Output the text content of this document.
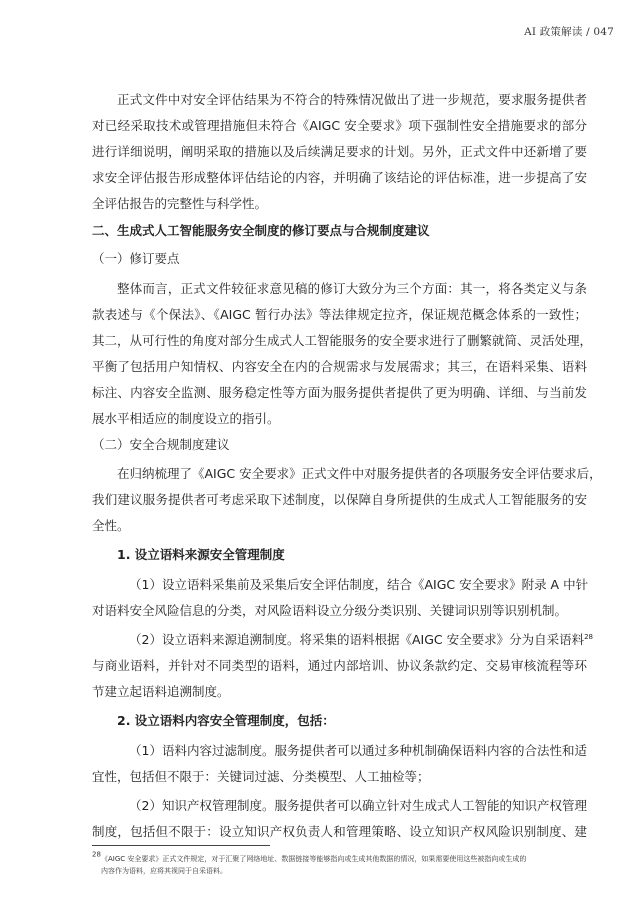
AI 政策解读 / 047
正式文件中对安全评估结果为不符合的特殊情况做出了进一步规范，要求服务提供者
对已经采取技术或管理措施但未符合《AIGC 安全要求》项下强制性安全措施要求的部分
进行详细说明，阐明采取的措施以及后续满足要求的计划。另外，正式文件中还新增了要
求安全评估报告形成整体评估结论的内容，并明确了该结论的评估标准，进一步提高了安
全评估报告的完整性与科学性。
二、生成式人工智能服务安全制度的修订要点与合规制度建议
（一）修订要点
整体而言，正式文件较征求意见稿的修订大致分为三个方面：其一，将各类定义与条
款表述与《个保法》、《AIGC 暂行办法》等法律规定拉齐，保证规范概念体系的一致性；
其二，从可行性的角度对部分生成式人工智能服务的安全要求进行了删繁就简、灵活处理，
平衡了包括用户知情权、内容安全在内的合规需求与发展需求；其三，在语料采集、语料
标注、内容安全监测、服务稳定性等方面为服务提供者提供了更为明确、详细、与当前发
展水平相适应的制度设立的指引。
（二）安全合规制度建议
在归纳梳理了《AIGC 安全要求》正式文件中对服务提供者的各项服务安全评估要求后，
我们建议服务提供者可考虑采取下述制度，以保障自身所提供的生成式人工智能服务的安
全性。
1. 设立语料来源安全管理制度
（1）设立语料采集前及采集后安全评估制度，结合《AIGC 安全要求》附录 A 中针
对语料安全风险信息的分类，对风险语料设立分级分类识别、关键词识别等识别机制。
（2）设立语料来源追溯制度。将采集的语料根据《AIGC 安全要求》分为自采语料$^{28}$
与商业语料，并针对不同类型的语料，通过内部培训、协议条款约定、交易审核流程等环
节建立起语料追溯制度。
2. 设立语料内容安全管理制度，包括：
（1）语料内容过滤制度。服务提供者可以通过多种机制确保语料内容的合法性和适
宜性，包括但不限于：关键词过滤、分类模型、人工抽检等；
（2）知识产权管理制度。服务提供者可以确立针对生成式人工智能的知识产权管理
制度，包括但不限于：设立知识产权负责人和管理策略、设立知识产权风险识别制度、建
$^{28}$
《AIGC 安全要求》正式文件规定，对于汇聚了网络地址、数据链接等能够指向或生成其他数据的情况，如果需要使用这些被指向或生成的
内容作为语料，应将其视同于自采语料。
